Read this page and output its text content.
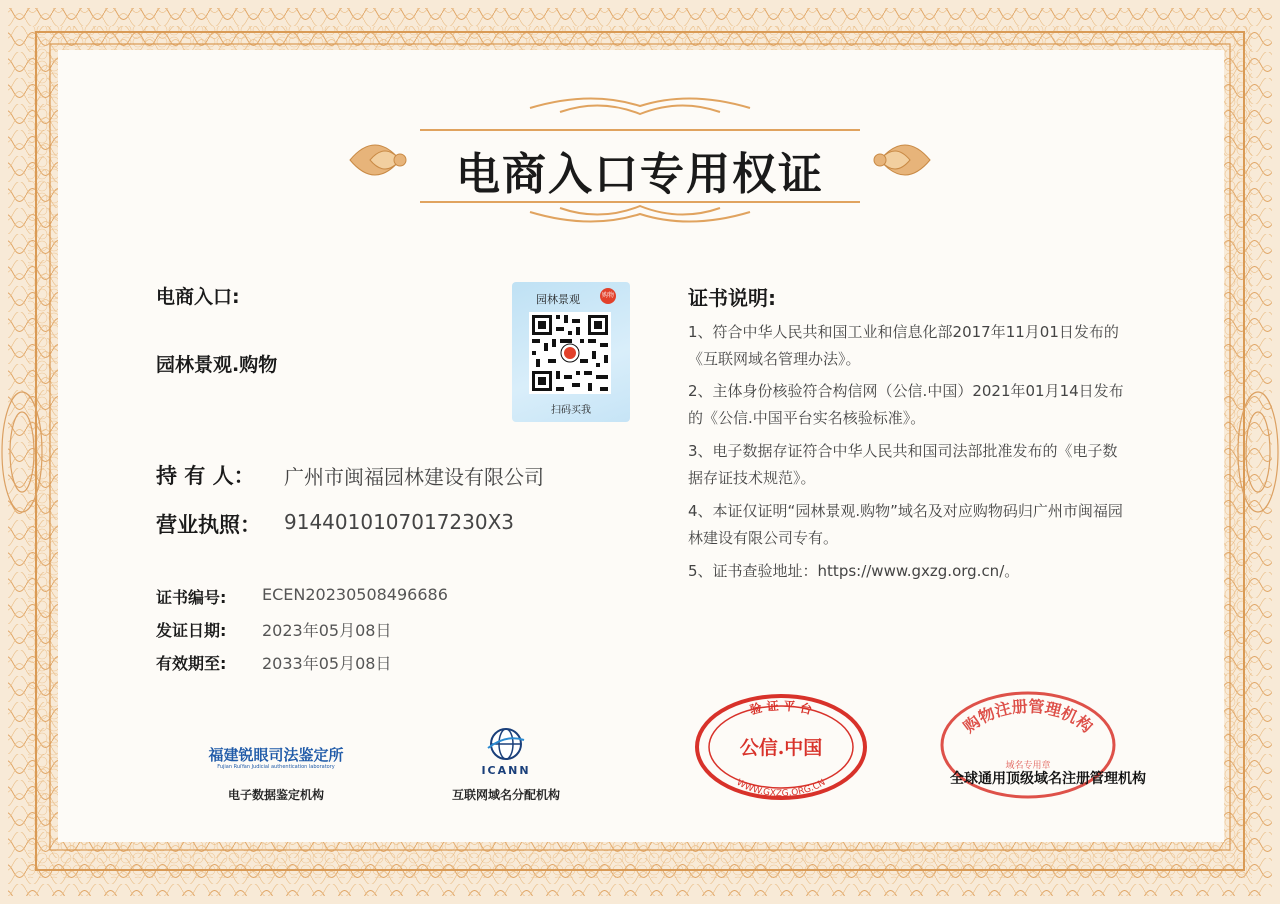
电商入口专用权证
电商入口:
园林景观.购物
持 有 人： 广州市闽福园林建设有限公司
营业执照： 9144010107017230X3
证书编号: ECEN20230508496686
发证日期: 2023年05月08日
有效期至: 2033年05月08日
园林景观	购物
扫码买我
证书说明:
1、符合中华人民共和国工业和信息化部2017年11月01日发布的《互联网域名管理办法》。
2、主体身份核验符合构信网（公信.中国）2021年01月14日发布的《公信.中国平台实名核验标准》。
3、电子数据存证符合中华人民共和国司法部批准发布的《电子数据存证技术规范》。
4、本证仅证明“园林景观.购物”域名及对应购物码归广州市闽福园林建设有限公司专有。
5、证书查验地址：https://www.gxzg.org.cn/。
福建锐眼司法鉴定所
Fujian RuiYan Judicial authentication laboratory
电子数据鉴定机构
ICANN
互联网域名分配机构
验 证 平 台
公信.中国
WWW.GXZG.ORG.CN
购物注册管理机构
域名专用章
全球通用顶级域名注册管理机构
